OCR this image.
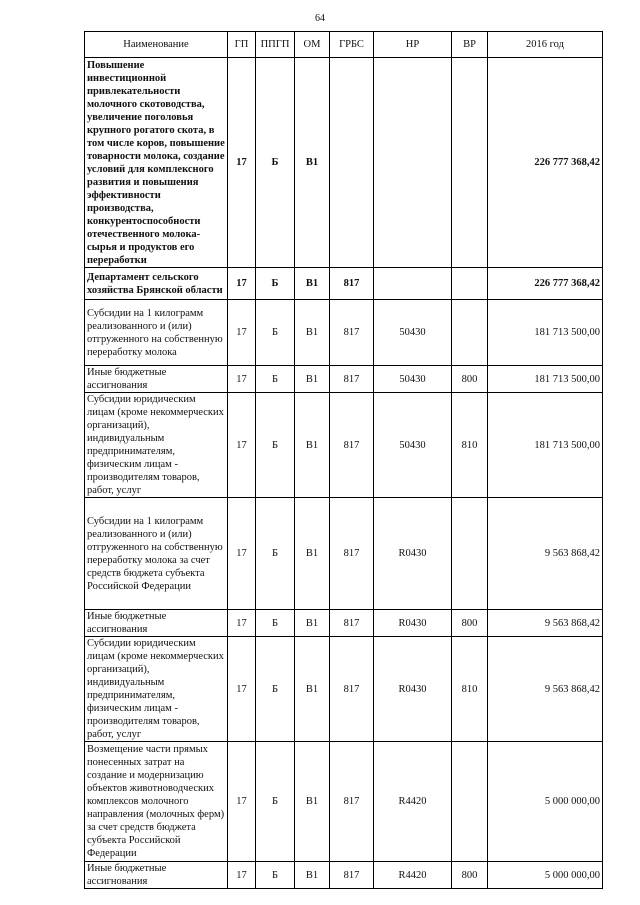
64
Наименование	ГП	ППГП	ОМ	ГРБС	НР	ВР	2016 год
Повышение инвестиционной привлекательности молочного скотоводства, увеличение поголовья крупного рогатого скота, в том числе коров, повышение товарности молока, создание условий для комплексного развития и повышения эффективности производства, конкурентоспособности отечественного молока-сырья и продуктов его переработки	17	Б	В1				226 777 368,42
Департамент сельского хозяйства Брянской области	17	Б	В1	817			226 777 368,42
Субсидии на 1 килограмм реализованного и (или) отгруженного на собственную переработку молока	17	Б	В1	817	50430		181 713 500,00
Иные бюджетные ассигнования	17	Б	В1	817	50430	800	181 713 500,00
Субсидии юридическим лицам (кроме некоммерческих организаций), индивидуальным предпринимателям, физическим лицам - производителям товаров, работ, услуг	17	Б	В1	817	50430	810	181 713 500,00
Субсидии на 1 килограмм реализованного и (или) отгруженного на собственную переработку молока за счет средств бюджета субъекта Российской Федерации	17	Б	В1	817	R0430		9 563 868,42
Иные бюджетные ассигнования	17	Б	В1	817	R0430	800	9 563 868,42
Субсидии юридическим лицам (кроме некоммерческих организаций), индивидуальным предпринимателям, физическим лицам - производителям товаров, работ, услуг	17	Б	В1	817	R0430	810	9 563 868,42
Возмещение части прямых понесенных затрат на создание и модернизацию объектов животноводческих комплексов молочного направления (молочных ферм) за счет средств бюджета субъекта Российской Федерации	17	Б	В1	817	R4420		5 000 000,00
Иные бюджетные ассигнования	17	Б	В1	817	R4420	800	5 000 000,00
